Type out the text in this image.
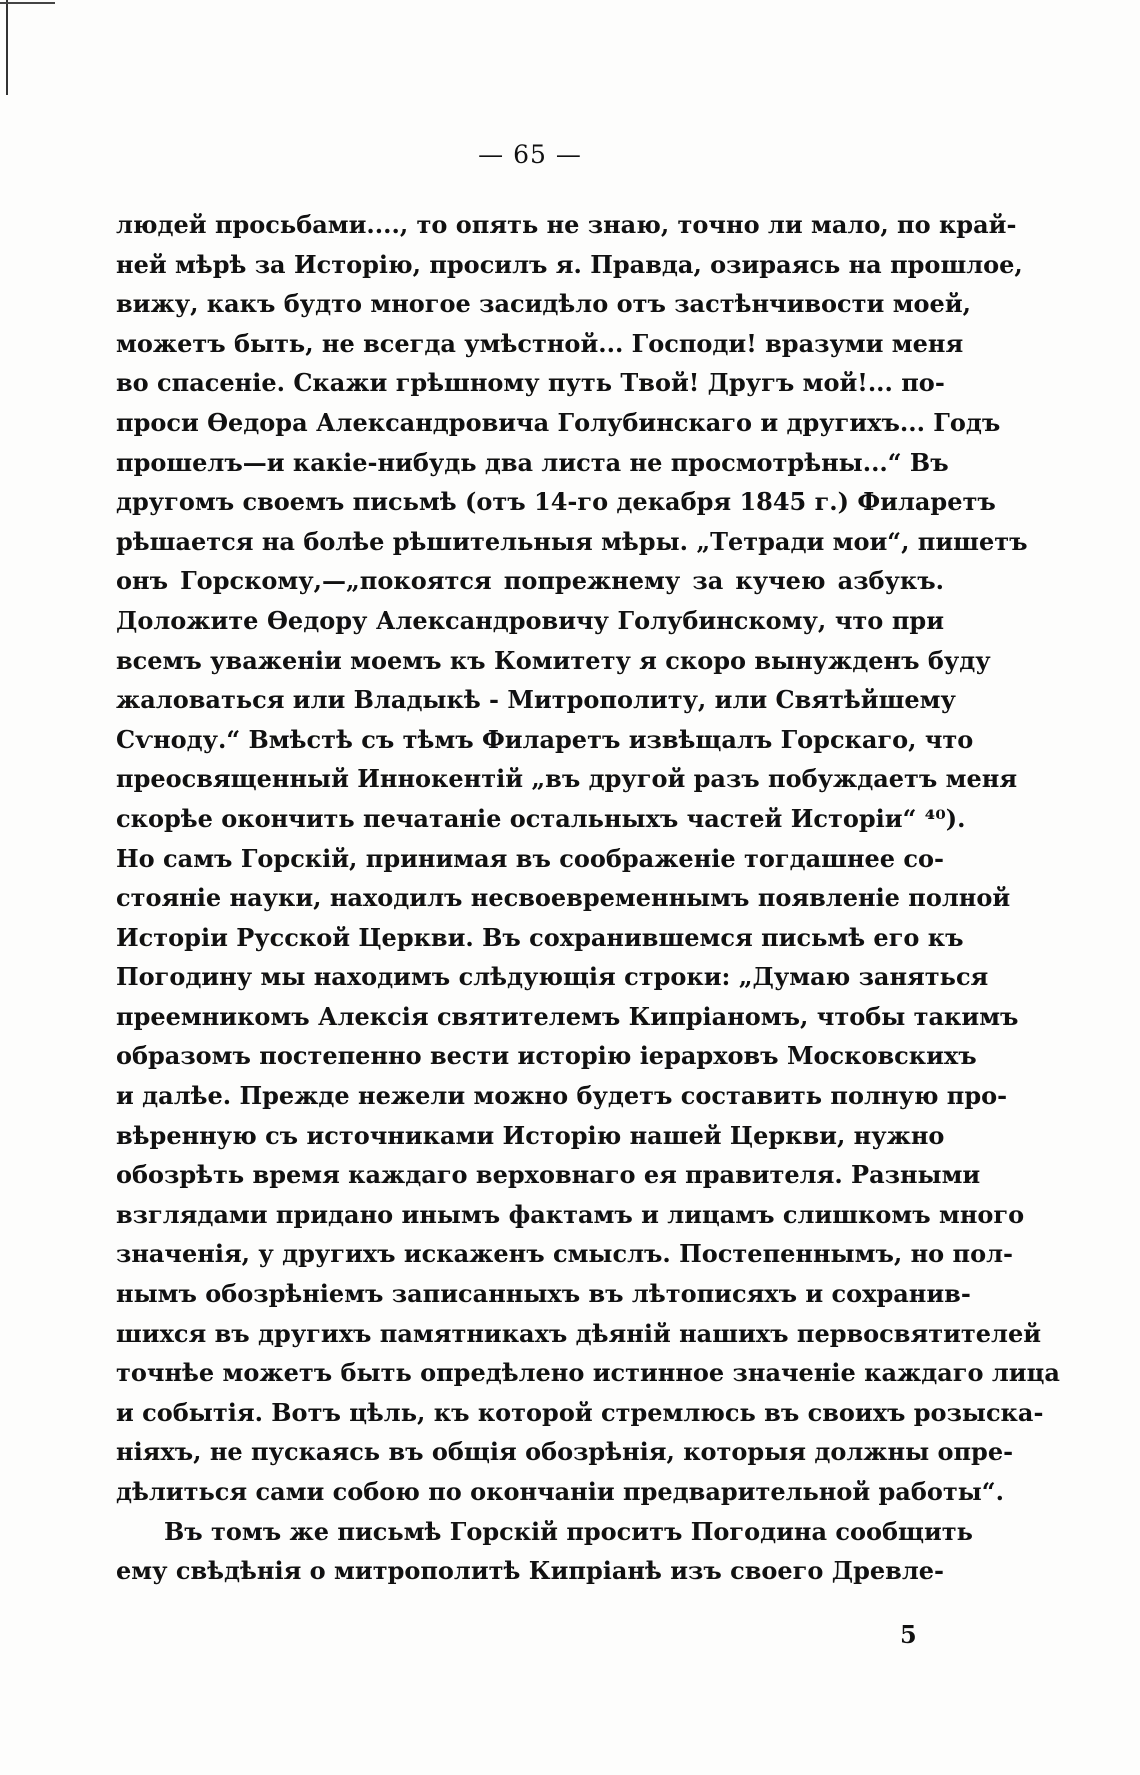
— 65 —
людей просьбами...., то опять не знаю, точно ли мало, по край-
ней мѣрѣ за Исторію, просилъ я. Правда, озираясь на прошлое,
вижу, какъ будто многое засидѣло отъ застѣнчивости моей,
можетъ быть, не всегда умѣстной... Господи! вразуми меня
во спасеніе. Скажи грѣшному путь Твой! Другъ мой!... по-
проси Ѳедора Александровича Голубинскаго и другихъ... Годъ
прошелъ—и какіе-нибудь два листа не просмотрѣны...“ Въ
другомъ своемъ письмѣ (отъ 14-го декабря 1845 г.) Филаретъ
рѣшается на болѣе рѣшительныя мѣры. „Тетради мои“, пишетъ
онъ Горскому,—„покоятся попрежнему за кучею азбукъ.
Доложите Ѳедору Александровичу Голубинскому, что при
всемъ уваженіи моемъ къ Комитету я скоро вынужденъ буду
жаловаться или Владыкѣ - Митрополиту, или Святѣйшему
Сѵноду.“ Вмѣстѣ съ тѣмъ Филаретъ извѣщалъ Горскаго, что
преосвященный Иннокентій „въ другой разъ побуждаетъ меня
скорѣе окончить печатаніе остальныхъ частей Исторіи“ ⁴⁰).
Но самъ Горскій, принимая въ соображеніе тогдашнее со-
стояніе науки, находилъ несвоевременнымъ появленіе полной
Исторіи Русской Церкви. Въ сохранившемся письмѣ его къ
Погодину мы находимъ слѣдующія строки: „Думаю заняться
преемникомъ Алексія святителемъ Кипріаномъ, чтобы такимъ
образомъ постепенно вести исторію іерарховъ Московскихъ
и далѣе. Прежде нежели можно будетъ составить полную про-
вѣренную съ источниками Исторію нашей Церкви, нужно
обозрѣть время каждаго верховнаго ея правителя. Разными
взглядами придано инымъ фактамъ и лицамъ слишкомъ много
значенія, у другихъ искаженъ смыслъ. Постепеннымъ, но пол-
нымъ обозрѣніемъ записанныхъ въ лѣтописяхъ и сохранив-
шихся въ другихъ памятникахъ дѣяній нашихъ первосвятителей
точнѣе можетъ быть опредѣлено истинное значеніе каждаго лица
и событія. Вотъ цѣль, къ которой стремлюсь въ своихъ розыска-
ніяхъ, не пускаясь въ общія обозрѣнія, которыя должны опре-
дѣлиться сами собою по окончаніи предварительной работы“.
Въ томъ же письмѣ Горскій проситъ Погодина сообщить
ему свѣдѣнія о митрополитѣ Кипріанѣ изъ своего Древле-
5
